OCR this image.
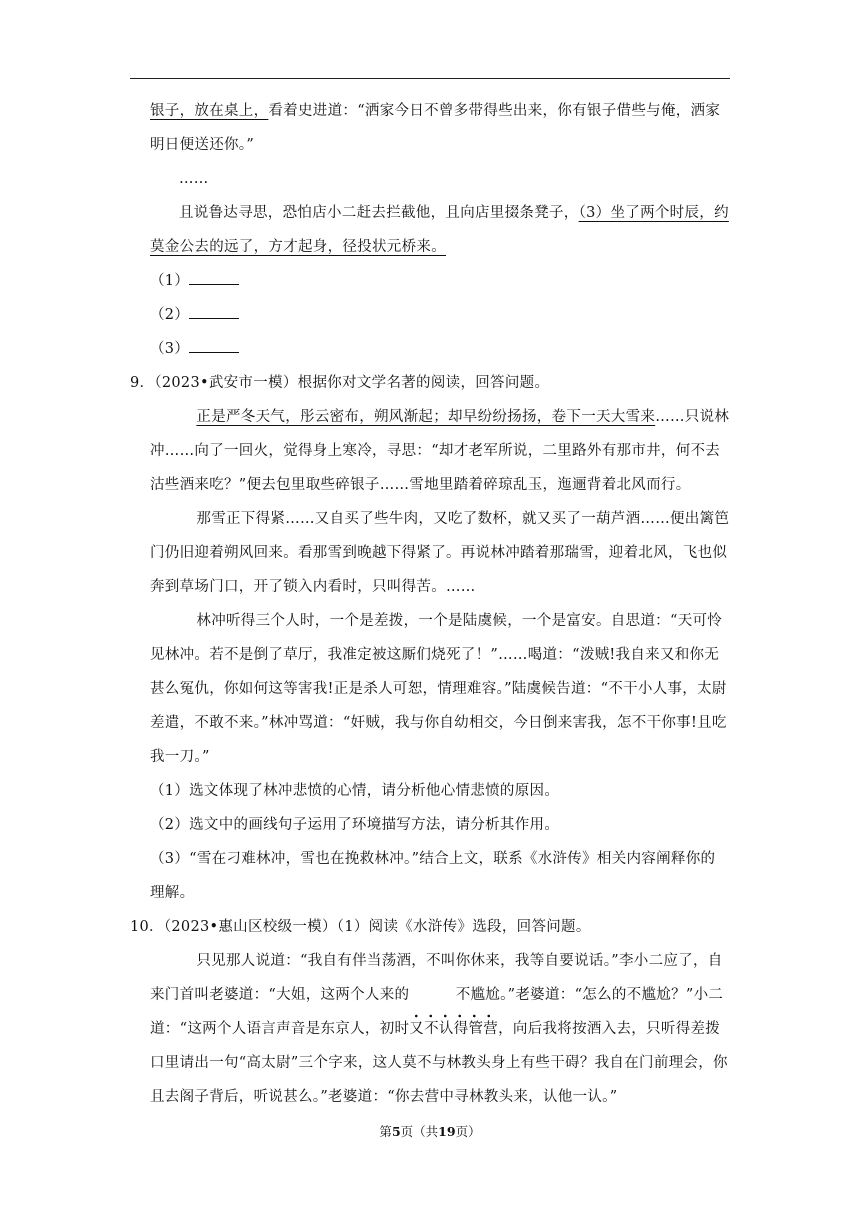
银子，放在桌上，看着史进道：“洒家今日不曾多带得些出来，你有银子借些与俺，洒家明日便送还你。”

……

且说鲁达寻思，恐怕店小二赶去拦截他，且向店里掇条凳子，（3）坐了两个时辰，约莫金公去的远了，方才起身，径投状元桥来。

（1）

（2）

（3）

9．（2023•武安市一模）根据你对文学名著的阅读，回答问题。

正是严冬天气，彤云密布，朔风渐起；却早纷纷扬扬，卷下一天大雪来……只说林冲……向了一回火，觉得身上寒冷，寻思：“却才老军所说，二里路外有那市井，何不去沽些酒来吃？”便去包里取些碎银子……雪地里踏着碎琼乱玉，迤逦背着北风而行。

那雪正下得紧……又自买了些牛肉，又吃了数杯，就又买了一葫芦酒……便出篱笆门仍旧迎着朔风回来。看那雪到晚越下得紧了。再说林冲踏着那瑞雪，迎着北风，飞也似奔到草场门口，开了锁入内看时，只叫得苦。……

林冲听得三个人时，一个是差拨，一个是陆虞候，一个是富安。自思道：“天可怜见林冲。若不是倒了草厅，我准定被这厮们烧死了！”……喝道：“泼贼!我自来又和你无甚么冤仇，你如何这等害我!正是杀人可恕，情理难容。”陆虞候告道：“不干小人事，太尉差遣，不敢不来。”林冲骂道：“奸贼，我与你自幼相交，今日倒来害我，怎不干你事!且吃我一刀。”

（1）选文体现了林冲悲愤的心情，请分析他心情悲愤的原因。

（2）选文中的画线句子运用了环境描写方法，请分析其作用。

（3）“雪在刁难林冲，雪也在挽救林冲。”结合上文，联系《水浒传》相关内容阐释你的理解。

10．（2023•惠山区校级一模）（1）阅读《水浒传》选段，回答问题。

只见那人说道：“我自有伴当荡酒，不叫你休来，我等自要说话。”李小二应了，自来门首叫老婆道：“大姐，这两个人来的	不尴尬。”老婆道：“怎么的不尴尬？”小二道：“这两个人语言声音是东京人，初时又不认得管营，向后我将按酒入去，只听得差拨口里请出一句“高太尉”三个字来，这人莫不与林教头身上有些干碍？我自在门前理会，你且去阁子背后，听说甚么。”老婆道：“你去营中寻林教头来，认他一认。”

第5页（共19页）
